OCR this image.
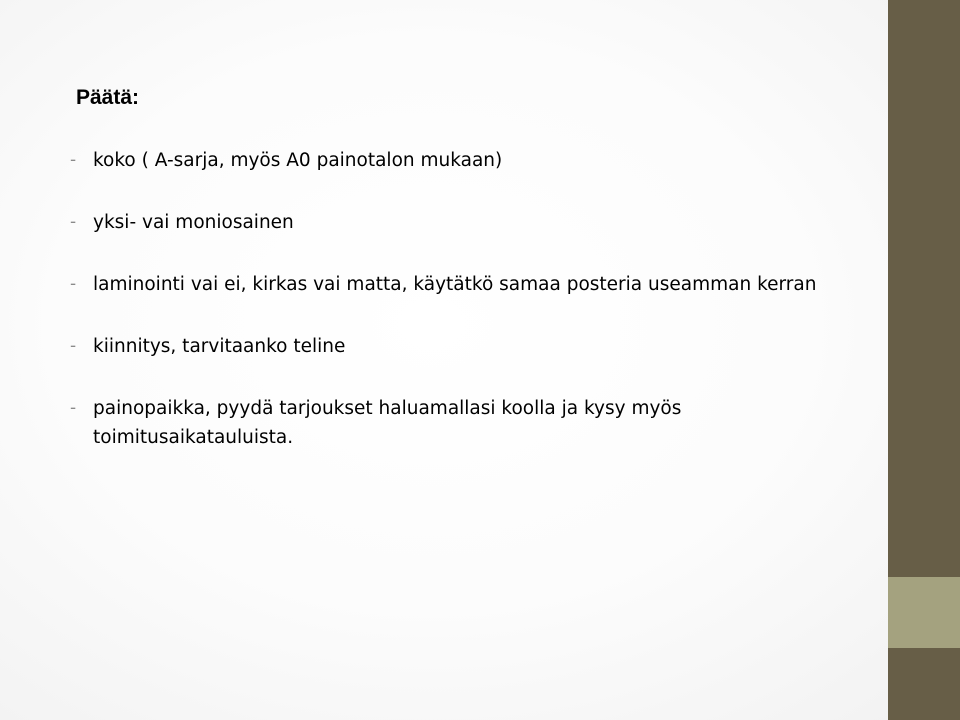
Päätä:
- koko ( A-sarja, myös A0 painotalon mukaan)
- yksi- vai moniosainen
- laminointi vai ei, kirkas vai matta, käytätkö samaa posteria useamman kerran
- kiinnitys, tarvitaanko teline
- painopaikka, pyydä tarjoukset haluamallasi koolla ja kysy myös toimitusaikatauluista.
